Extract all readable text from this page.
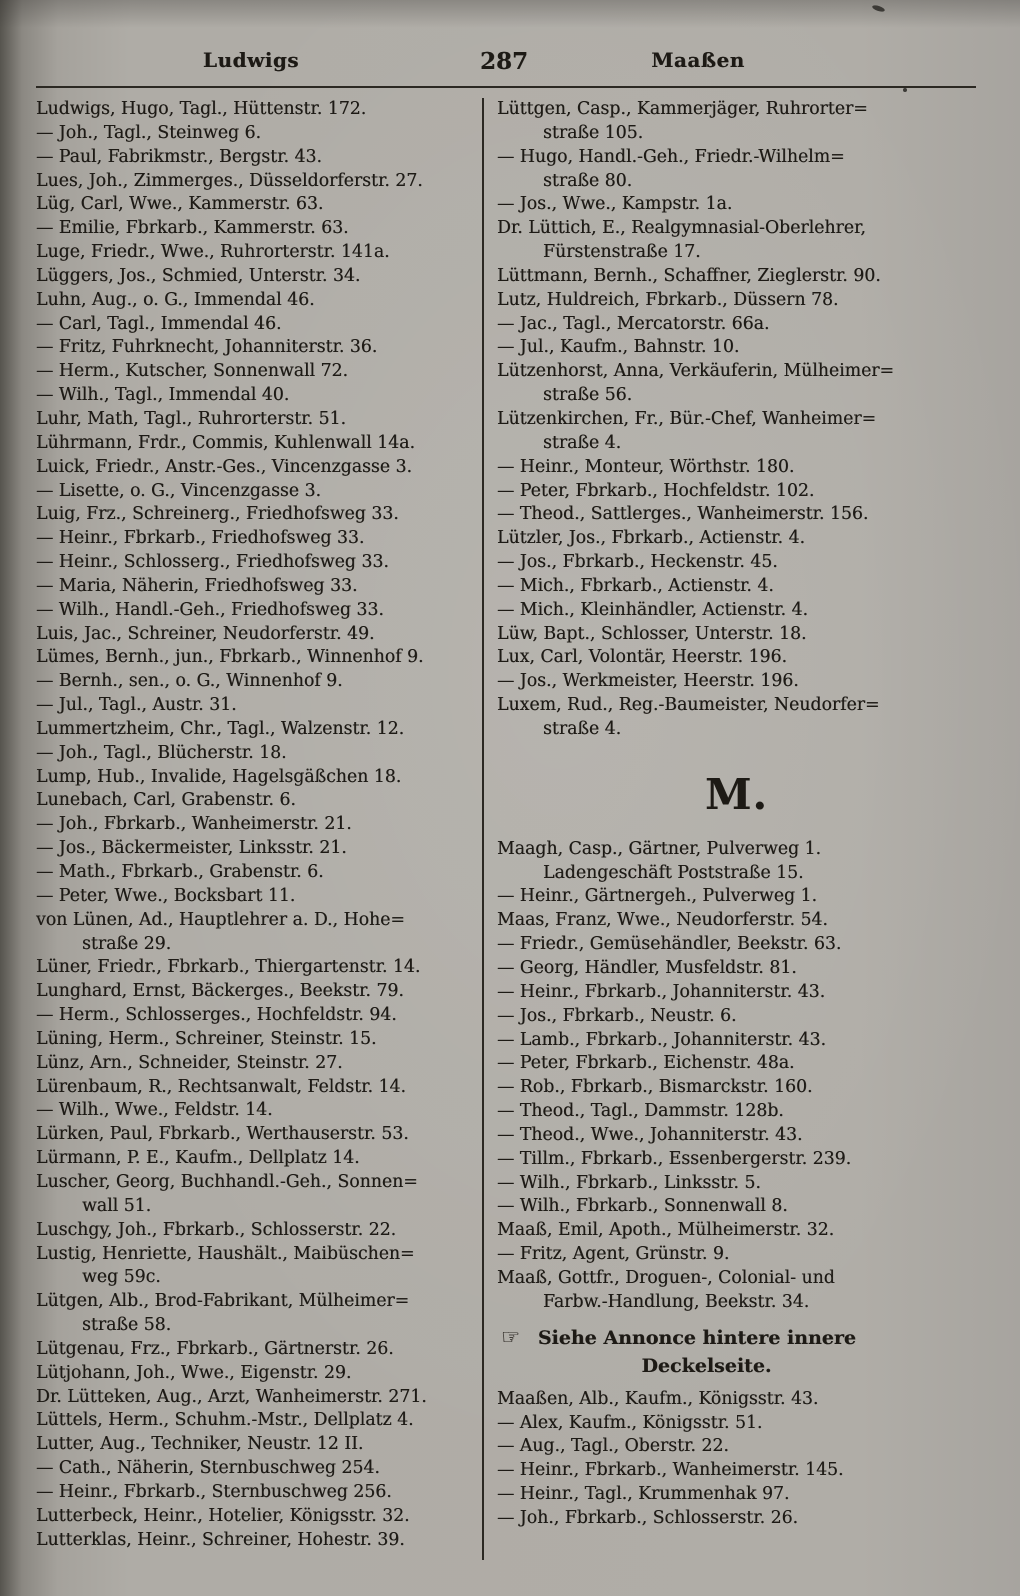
Ludwigs	287	Maaßen
Ludwigs, Hugo, Tagl., Hüttenstr. 172.
— Joh., Tagl., Steinweg 6.
— Paul, Fabrikmstr., Bergstr. 43.
Lues, Joh., Zimmerges., Düsseldorferstr. 27.
Lüg, Carl, Wwe., Kammerstr. 63.
— Emilie, Fbrkarb., Kammerstr. 63.
Luge, Friedr., Wwe., Ruhrorterstr. 141a.
Lüggers, Jos., Schmied, Unterstr. 34.
Luhn, Aug., o. G., Immendal 46.
— Carl, Tagl., Immendal 46.
— Fritz, Fuhrknecht, Johanniterstr. 36.
— Herm., Kutscher, Sonnenwall 72.
— Wilh., Tagl., Immendal 40.
Luhr, Math, Tagl., Ruhrorterstr. 51.
Lührmann, Frdr., Commis, Kuhlenwall 14a.
Luick, Friedr., Anstr.-Ges., Vincenzgasse 3.
— Lisette, o. G., Vincenzgasse 3.
Luig, Frz., Schreinerg., Friedhofsweg 33.
— Heinr., Fbrkarb., Friedhofsweg 33.
— Heinr., Schlosserg., Friedhofsweg 33.
— Maria, Näherin, Friedhofsweg 33.
— Wilh., Handl.-Geh., Friedhofsweg 33.
Luis, Jac., Schreiner, Neudorferstr. 49.
Lümes, Bernh., jun., Fbrkarb., Winnenhof 9.
— Bernh., sen., o. G., Winnenhof 9.
— Jul., Tagl., Austr. 31.
Lummertzheim, Chr., Tagl., Walzenstr. 12.
— Joh., Tagl., Blücherstr. 18.
Lump, Hub., Invalide, Hagelsgäßchen 18.
Lunebach, Carl, Grabenstr. 6.
— Joh., Fbrkarb., Wanheimerstr. 21.
— Jos., Bäckermeister, Linksstr. 21.
— Math., Fbrkarb., Grabenstr. 6.
— Peter, Wwe., Bocksbart 11.
von Lünen, Ad., Hauptlehrer a. D., Hohe=
straße 29.
Lüner, Friedr., Fbrkarb., Thiergartenstr. 14.
Lunghard, Ernst, Bäckerges., Beekstr. 79.
— Herm., Schlosserges., Hochfeldstr. 94.
Lüning, Herm., Schreiner, Steinstr. 15.
Lünz, Arn., Schneider, Steinstr. 27.
Lürenbaum, R., Rechtsanwalt, Feldstr. 14.
— Wilh., Wwe., Feldstr. 14.
Lürken, Paul, Fbrkarb., Werthauserstr. 53.
Lürmann, P. E., Kaufm., Dellplatz 14.
Luscher, Georg, Buchhandl.-Geh., Sonnen=
wall 51.
Luschgy, Joh., Fbrkarb., Schlosserstr. 22.
Lustig, Henriette, Haushält., Maibüschen=
weg 59c.
Lütgen, Alb., Brod-Fabrikant, Mülheimer=
straße 58.
Lütgenau, Frz., Fbrkarb., Gärtnerstr. 26.
Lütjohann, Joh., Wwe., Eigenstr. 29.
Dr. Lütteken, Aug., Arzt, Wanheimerstr. 271.
Lüttels, Herm., Schuhm.-Mstr., Dellplatz 4.
Lutter, Aug., Techniker, Neustr. 12 II.
— Cath., Näherin, Sternbuschweg 254.
— Heinr., Fbrkarb., Sternbuschweg 256.
Lutterbeck, Heinr., Hotelier, Königsstr. 32.
Lutterklas, Heinr., Schreiner, Hohestr. 39.
Lüttgen, Casp., Kammerjäger, Ruhrorter=
straße 105.
— Hugo, Handl.-Geh., Friedr.-Wilhelm=
straße 80.
— Jos., Wwe., Kampstr. 1a.
Dr. Lüttich, E., Realgymnasial-Oberlehrer,
Fürstenstraße 17.
Lüttmann, Bernh., Schaffner, Zieglerstr. 90.
Lutz, Huldreich, Fbrkarb., Düssern 78.
— Jac., Tagl., Mercatorstr. 66a.
— Jul., Kaufm., Bahnstr. 10.
Lützenhorst, Anna, Verkäuferin, Mülheimer=
straße 56.
Lützenkirchen, Fr., Bür.-Chef, Wanheimer=
straße 4.
— Heinr., Monteur, Wörthstr. 180.
— Peter, Fbrkarb., Hochfeldstr. 102.
— Theod., Sattlerges., Wanheimerstr. 156.
Lützler, Jos., Fbrkarb., Actienstr. 4.
— Jos., Fbrkarb., Heckenstr. 45.
— Mich., Fbrkarb., Actienstr. 4.
— Mich., Kleinhändler, Actienstr. 4.
Lüw, Bapt., Schlosser, Unterstr. 18.
Lux, Carl, Volontär, Heerstr. 196.
— Jos., Werkmeister, Heerstr. 196.
Luxem, Rud., Reg.-Baumeister, Neudorfer=
straße 4.
M.
Maagh, Casp., Gärtner, Pulverweg 1.
Ladengeschäft Poststraße 15.
— Heinr., Gärtnergeh., Pulverweg 1.
Maas, Franz, Wwe., Neudorferstr. 54.
— Friedr., Gemüsehändler, Beekstr. 63.
— Georg, Händler, Musfeldstr. 81.
— Heinr., Fbrkarb., Johanniterstr. 43.
— Jos., Fbrkarb., Neustr. 6.
— Lamb., Fbrkarb., Johanniterstr. 43.
— Peter, Fbrkarb., Eichenstr. 48a.
— Rob., Fbrkarb., Bismarckstr. 160.
— Theod., Tagl., Dammstr. 128b.
— Theod., Wwe., Johanniterstr. 43.
— Tillm., Fbrkarb., Essenbergerstr. 239.
— Wilh., Fbrkarb., Linksstr. 5.
— Wilh., Fbrkarb., Sonnenwall 8.
Maaß, Emil, Apoth., Mülheimerstr. 32.
— Fritz, Agent, Grünstr. 9.
Maaß, Gottfr., Droguen-, Colonial- und
Farbw.-Handlung, Beekstr. 34.
☞ Siehe Annonce hintere innere
Deckelseite.
Maaßen, Alb., Kaufm., Königsstr. 43.
— Alex, Kaufm., Königsstr. 51.
— Aug., Tagl., Oberstr. 22.
— Heinr., Fbrkarb., Wanheimerstr. 145.
— Heinr., Tagl., Krummenhak 97.
— Joh., Fbrkarb., Schlosserstr. 26.
